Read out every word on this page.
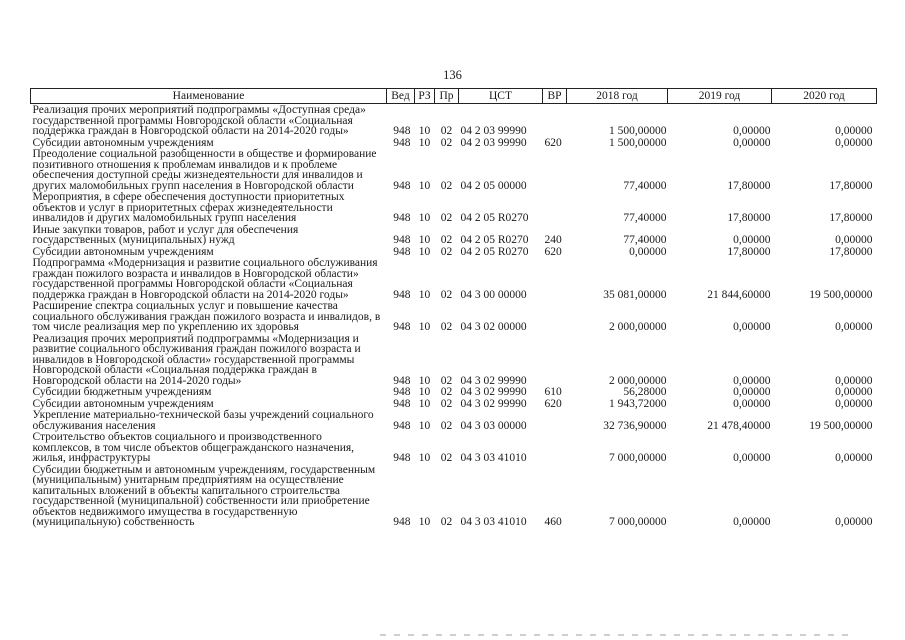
136
Наименование	Вед	РЗ	Пр	ЦСТ	ВР	2018 год	2019 год	2020 год
Реализация прочих мероприятий подпрограммы «Доступная среда» государственной программы Новгородской области «Социальная поддержка граждан в Новгородской области на 2014-2020 годы»	948	10	02	04 2 03 99990		1 500,00000	0,00000	0,00000
Субсидии автономным учреждениям	948	10	02	04 2 03 99990	620	1 500,00000	0,00000	0,00000
Преодоление социальной разобщенности в обществе и формирование позитивного отношения к проблемам инвалидов и к проблеме обеспечения доступной среды жизнедеятельности для инвалидов и других маломобильных групп населения в Новгородской области	948	10	02	04 2 05 00000		77,40000	17,80000	17,80000
Мероприятия, в сфере обеспечения доступности приоритетных объектов и услуг в приоритетных сферах жизнедеятельности инвалидов и других маломобильных групп населения	948	10	02	04 2 05 R0270		77,40000	17,80000	17,80000
Иные закупки товаров, работ и услуг для обеспечения государственных (муниципальных) нужд	948	10	02	04 2 05 R0270	240	77,40000	0,00000	0,00000
Субсидии автономным учреждениям	948	10	02	04 2 05 R0270	620	0,00000	17,80000	17,80000
Подпрограмма «Модернизация и развитие социального обслуживания граждан пожилого возраста и инвалидов в Новгородской области» государственной программы Новгородской области «Социальная поддержка граждан в Новгородской области на 2014-2020 годы»	948	10	02	04 3 00 00000		35 081,00000	21 844,60000	19 500,00000
Расширение спектра социальных услуг и повышение качества социального обслуживания граждан пожилого возраста и инвалидов, в том числе реализация мер по укреплению их здоровья	948	10	02	04 3 02 00000		2 000,00000	0,00000	0,00000
Реализация прочих мероприятий подпрограммы «Модернизация и развитие социального обслуживания граждан пожилого возраста и инвалидов в Новгородской области» государственной программы Новгородской области «Социальная поддержка граждан в Новгородской области на 2014-2020 годы»	948	10	02	04 3 02 99990		2 000,00000	0,00000	0,00000
Субсидии бюджетным учреждениям	948	10	02	04 3 02 99990	610	56,28000	0,00000	0,00000
Субсидии автономным учреждениям	948	10	02	04 3 02 99990	620	1 943,72000	0,00000	0,00000
Укрепление материально-технической базы учреждений социального обслуживания населения	948	10	02	04 3 03 00000		32 736,90000	21 478,40000	19 500,00000
Строительство объектов социального и производственного комплексов, в том числе объектов общегражданского назначения, жилья, инфраструктуры	948	10	02	04 3 03 41010		7 000,00000	0,00000	0,00000
Субсидии бюджетным и автономным учреждениям, государственным (муниципальным) унитарным предприятиям на осуществление капитальных вложений в объекты капитального строительства государственной (муниципальной) собственности или приобретение объектов недвижимого имущества в государственную (муниципальную) собственность	948	10	02	04 3 03 41010	460	7 000,00000	0,00000	0,00000
